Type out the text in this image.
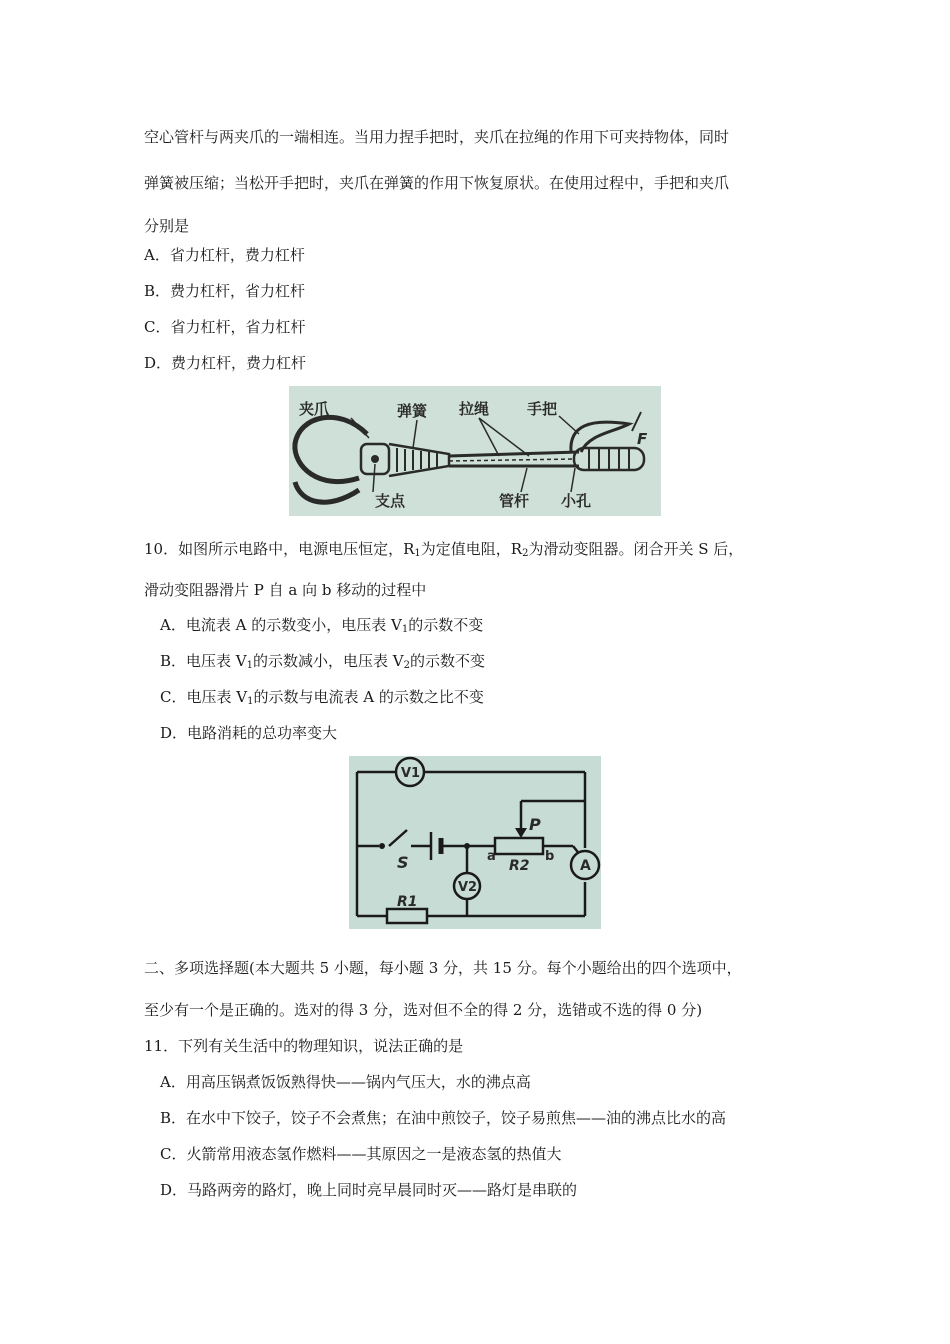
空心管杆与两夹爪的一端相连。当用力捏手把时，夹爪在拉绳的作用下可夹持物体，同时
弹簧被压缩；当松开手把时，夹爪在弹簧的作用下恢复原状。在使用过程中，手把和夹爪
分别是
A．省力杠杆，费力杠杆
B．费力杠杆，省力杠杆
C．省力杠杆，省力杠杆
D．费力杠杆，费力杠杆
夹爪	弹簧 拉绳	手把
F
支点	管杆 小孔
10．如图所示电路中，电源电压恒定，$R_1$为定值电阻，$R_2$为滑动变阻器。闭合开关 S 后，
滑动变阻器滑片 P 自 a 向 b 移动的过程中
A．电流表 A 的示数变小，电压表 $V_1$的示数不变
B．电压表 $V_1$的示数减小，电压表 $V_2$的示数不变
C．电压表 $V_1$的示数与电流表 A 的示数之比不变
D．电路消耗的总功率变大
V1
V2
A
S
P
a	b
R2
R1
二、多项选择题(本大题共 5 小题，每小题 3 分，共 15 分。每个小题给出的四个选项中，
至少有一个是正确的。选对的得 3 分，选对但不全的得 2 分，选错或不选的得 0 分)
11．下列有关生活中的物理知识，说法正确的是
A．用高压锅煮饭饭熟得快——锅内气压大，水的沸点高
B．在水中下饺子，饺子不会煮焦；在油中煎饺子，饺子易煎焦——油的沸点比水的高
C．火箭常用液态氢作燃料——其原因之一是液态氢的热值大
D．马路两旁的路灯，晚上同时亮早晨同时灭——路灯是串联的
